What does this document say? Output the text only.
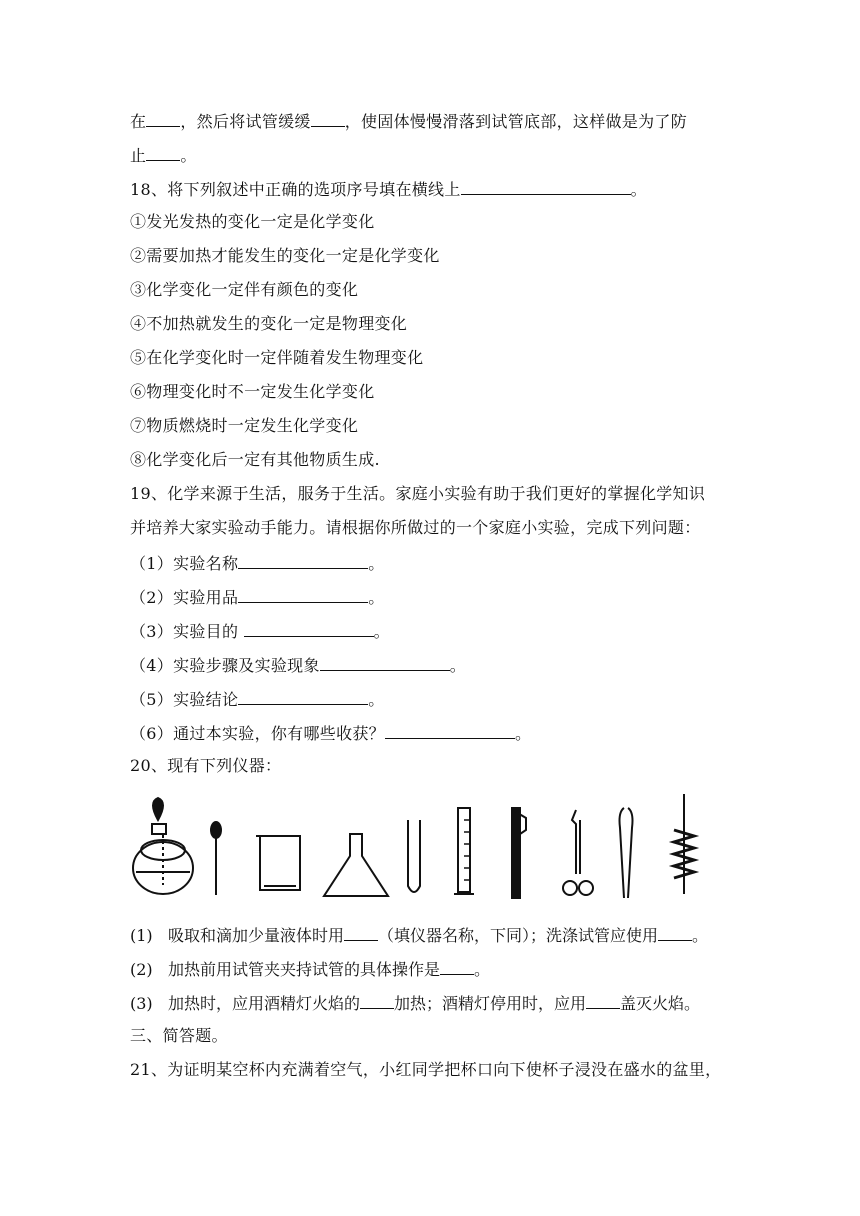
在 ，然后将试管缓缓 ，使固体慢慢滑落到试管底部，这样做是为了防
止 。
18、将下列叙述中正确的选项序号填在横线上	。
①发光发热的变化一定是化学变化
②需要加热才能发生的变化一定是化学变化
③化学变化一定伴有颜色的变化
④不加热就发生的变化一定是物理变化
⑤在化学变化时一定伴随着发生物理变化
⑥物理变化时不一定发生化学变化
⑦物质燃烧时一定发生化学变化
⑧化学变化后一定有其他物质生成.
19、化学来源于生活，服务于生活。家庭小实验有助于我们更好的掌握化学知识
并培养大家实验动手能力。请根据你所做过的一个家庭小实验，完成下列问题：
（1）实验名称	。
（2）实验用品	。
（3）实验目的	。
（4）实验步骤及实验现象	。
（5）实验结论	。
（6）通过本实验，你有哪些收获？	。
20、现有下列仪器：
(1) 吸取和滴加少量液体时用 （填仪器名称，下同）；洗涤试管应使用 。
(2) 加热前用试管夹夹持试管的具体操作是 。
(3) 加热时，应用酒精灯火焰的 加热；酒精灯停用时，应用 盖灭火焰。
三、简答题。
21、为证明某空杯内充满着空气，小红同学把杯口向下使杯子浸没在盛水的盆里，
